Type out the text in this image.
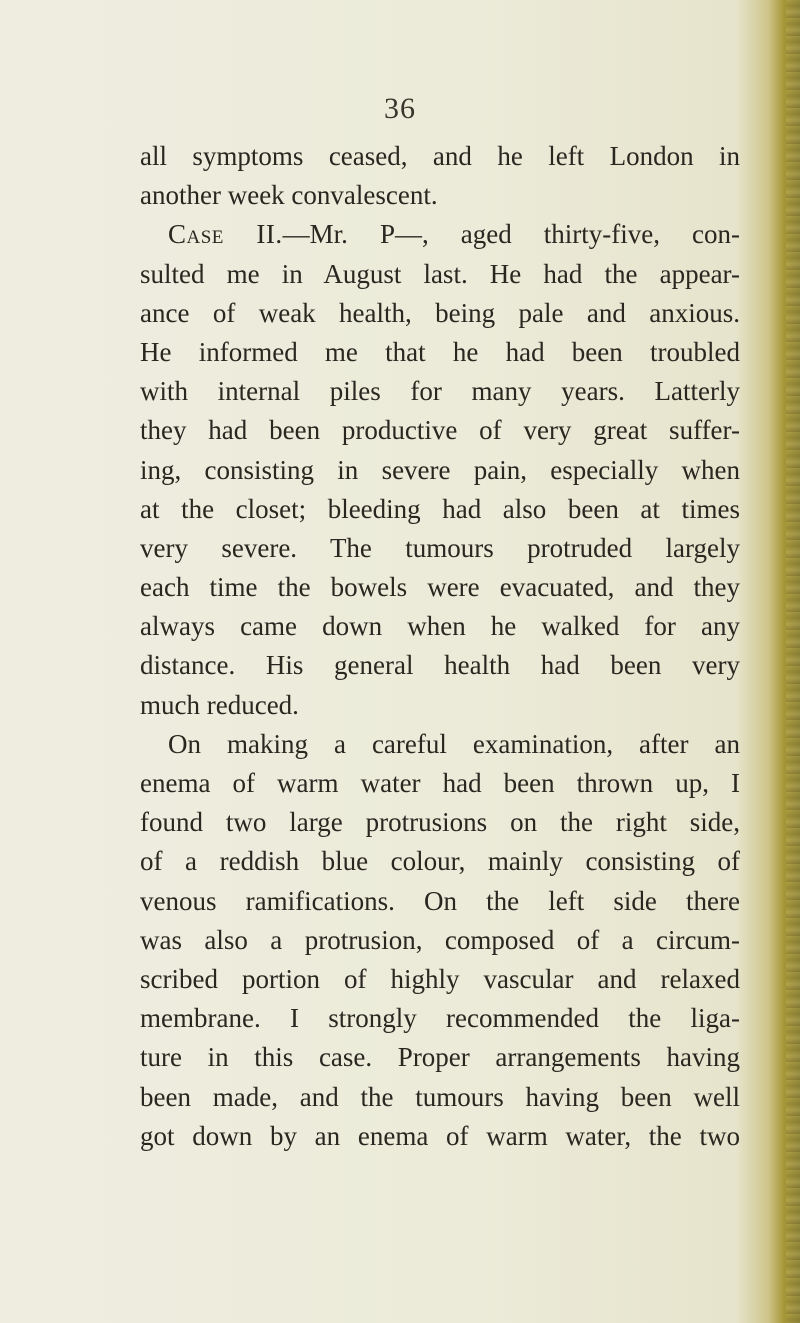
36
all symptoms ceased, and he left London in
another week convalescent.
Case II.—Mr. P—, aged thirty-five, con-
sulted me in August last. He had the appear-
ance of weak health, being pale and anxious.
He informed me that he had been troubled
with internal piles for many years. Latterly
they had been productive of very great suffer-
ing, consisting in severe pain, especially when
at the closet; bleeding had also been at times
very severe. The tumours protruded largely
each time the bowels were evacuated, and they
always came down when he walked for any
distance. His general health had been very
much reduced.
On making a careful examination, after an
enema of warm water had been thrown up, I
found two large protrusions on the right side,
of a reddish blue colour, mainly consisting of
venous ramifications. On the left side there
was also a protrusion, composed of a circum-
scribed portion of highly vascular and relaxed
membrane. I strongly recommended the liga-
ture in this case. Proper arrangements having
been made, and the tumours having been well
got down by an enema of warm water, the two
